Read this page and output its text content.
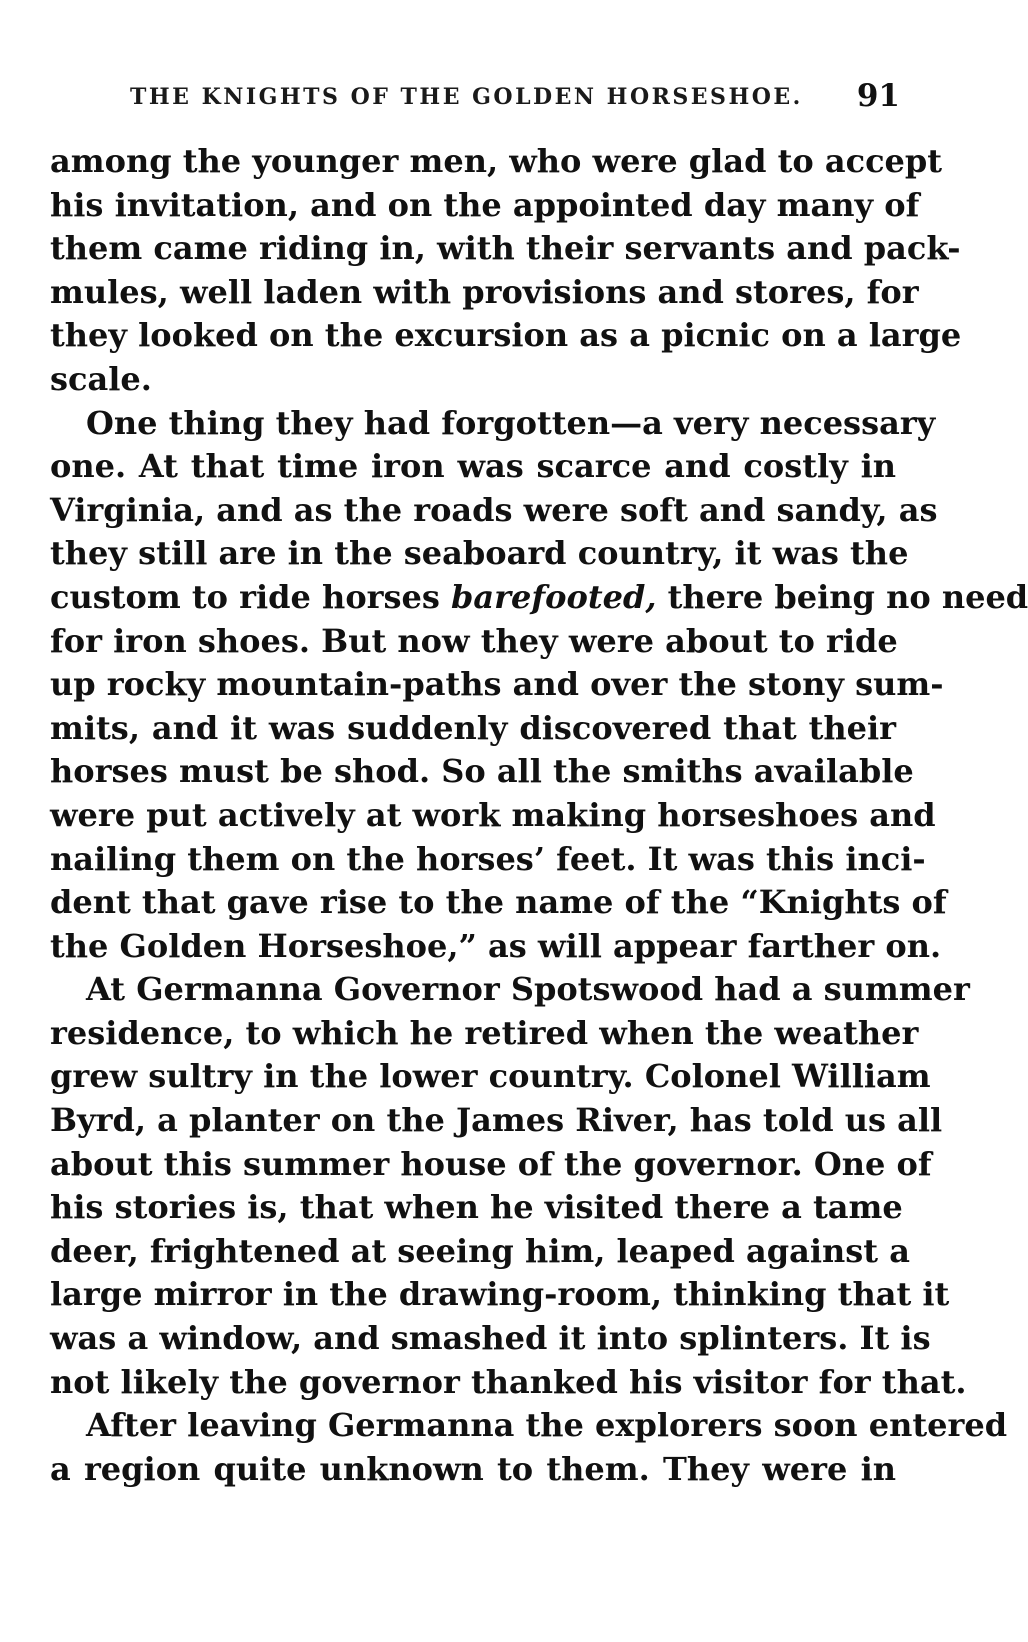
THE KNIGHTS OF THE GOLDEN HORSESHOE. 91
among the younger men, who were glad to accept
his invitation, and on the appointed day many of
them came riding in, with their servants and pack-
mules, well laden with provisions and stores, for
they looked on the excursion as a picnic on a large
scale.
One thing they had forgotten—a very necessary
one. At that time iron was scarce and costly in
Virginia, and as the roads were soft and sandy, as
they still are in the seaboard country, it was the
custom to ride horses barefooted, there being no need
for iron shoes. But now they were about to ride
up rocky mountain-paths and over the stony sum-
mits, and it was suddenly discovered that their
horses must be shod. So all the smiths available
were put actively at work making horseshoes and
nailing them on the horses’ feet. It was this inci-
dent that gave rise to the name of the “Knights of
the Golden Horseshoe,” as will appear farther on.
At Germanna Governor Spotswood had a summer
residence, to which he retired when the weather
grew sultry in the lower country. Colonel William
Byrd, a planter on the James River, has told us all
about this summer house of the governor. One of
his stories is, that when he visited there a tame
deer, frightened at seeing him, leaped against a
large mirror in the drawing-room, thinking that it
was a window, and smashed it into splinters. It is
not likely the governor thanked his visitor for that.
After leaving Germanna the explorers soon entered
a region quite unknown to them. They were in
